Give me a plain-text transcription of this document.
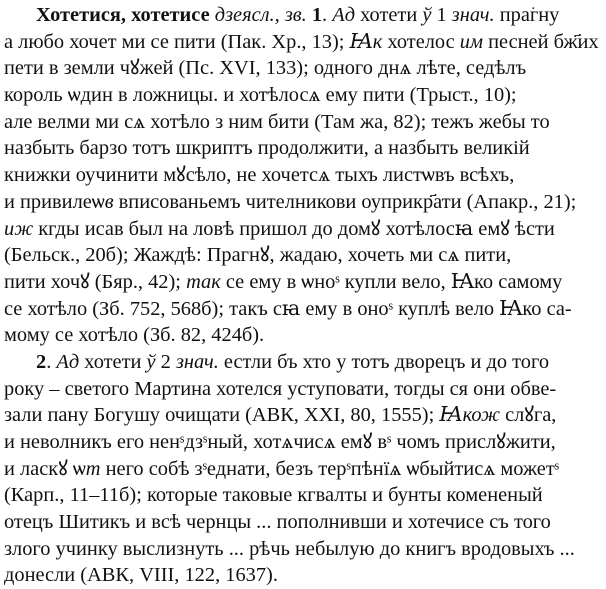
Хотетися, хотетисе дзеясл., зв. 1. Ад хотети ў 1 знач. пра͘гну
а любо хочет ми се пити (Пак. Хр., 13); Ꙗк хотелос им песней бж҃их
пети в земли чꙋжей (Пс. XVI, 133); одного днѧ лѣте, седѣлъ
король ѡдин в ложницы. и хотѣлосѧ ему пити (Трыст., 10);
але велми ми сѧ хотѣло з ним бити (Там жа, 82); тежъ жебы то
назбыть барзо тотъ шкриптъ продолжити, а назбыть великій
книжки оучинити мꙋсѣло, не хочетсѧ тыхъ листѡвъ всѣхъ,
и привилеѡв вписованьемъ чителникови оуприкр҃ати (Апакр., 21);
иж кгды исав был на ловѣ пришол до домꙋ хотѣлосꙗ емꙋ ѣсти
(Бельск., 20б); Жаждѣ: Прагнꙋ, жадаю, хочеть ми сѧ пити,
пити хочꙋ (Бяр., 42); так се ему в ѡноˢ купли вело, Ꙗко самому
се хотѣло (Зб. 752, 568б); такъ сꙗ ему в оноˢ куплѣ вело Ꙗко са-
мому се хотѣло (Зб. 82, 424б).
2. Ад хотети ў 2 знач. естли бъ хто у тотъ дворецъ и до того
року – светого Мартина хотелся уступовати, тогды ся они обве-
зали пану Богушу очищати (АВК, XXI, 80, 1555); Ꙗкож слꙋга,
и неволникъ его ненˢдзˢный, хотѧчисѧ емꙋ вˢ чомъ прислꙋжити,
и ласкꙋ ѡт него собѣ зˢеднати, безъ терˢпѣнїѧ ѡбыйтисѧ можетˢ
(Карп., 11–11б); которые таковые кгвалты и бунты комененый
отецъ Шитикъ и всѣ чернцы ... пополнивши и хотечисе съ того
злого учинку выслизнуть ... рѣчь небылую до книгъ вродовыхъ ...
донесли (АВК, VIII, 122, 1637).
